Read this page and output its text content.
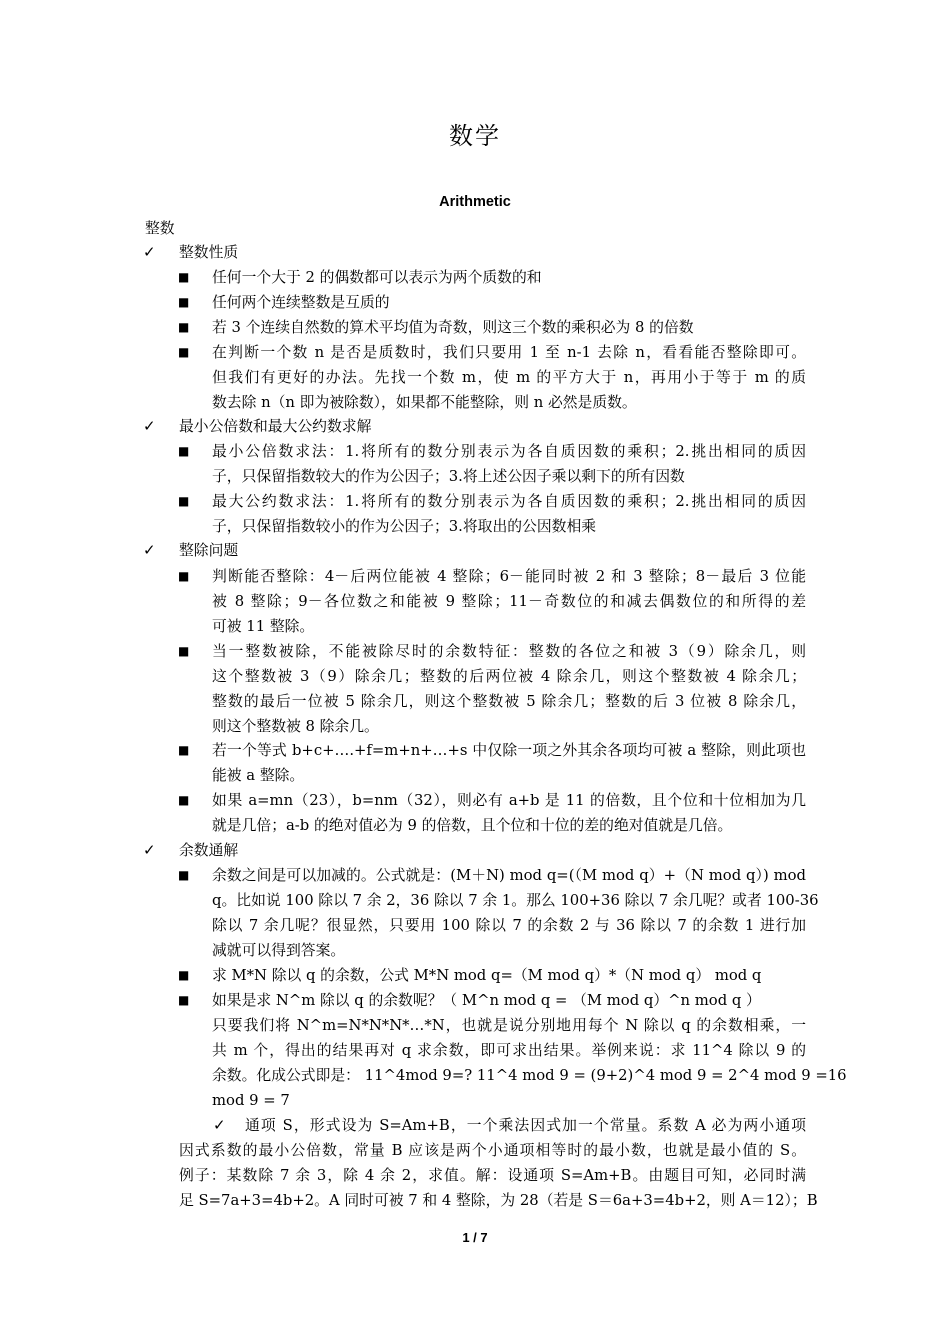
数学
Arithmetic
整数
✓ 整数性质
■ 任何一个大于 2 的偶数都可以表示为两个质数的和
■ 任何两个连续整数是互质的
■ 若 3 个连续自然数的算术平均值为奇数，则这三个数的乘积必为 8 的倍数
■ 在判断一个数 n 是否是质数时，我们只要用 1 至 n-1 去除 n，看看能否整除即可。
但我们有更好的办法。先找一个数 m，使 m 的平方大于 n，再用小于等于 m 的质
数去除 n（n 即为被除数），如果都不能整除，则 n 必然是质数。
✓ 最小公倍数和最大公约数求解
■ 最小公倍数求法：1.将所有的数分别表示为各自质因数的乘积；2.挑出相同的质因
子，只保留指数较大的作为公因子；3.将上述公因子乘以剩下的所有因数
■ 最大公约数求法：1.将所有的数分别表示为各自质因数的乘积；2.挑出相同的质因
子，只保留指数较小的作为公因子；3.将取出的公因数相乘
✓ 整除问题
■ 判断能否整除：4－后两位能被 4 整除；6－能同时被 2 和 3 整除；8－最后 3 位能
被 8 整除；9－各位数之和能被 9 整除；11－奇数位的和减去偶数位的和所得的差
可被 11 整除。
■ 当一整数被除，不能被除尽时的余数特征：整数的各位之和被 3（9）除余几，则
这个整数被 3（9）除余几；整数的后两位被 4 除余几，则这个整数被 4 除余几；
整数的最后一位被 5 除余几，则这个整数被 5 除余几；整数的后 3 位被 8 除余几，
则这个整数被 8 除余几。
■ 若一个等式 b+c+….+f=m+n+…+s 中仅除一项之外其余各项均可被 a 整除，则此项也
能被 a 整除。
■ 如果 a=mn（23），b=nm（32），则必有 a+b 是 11 的倍数，且个位和十位相加为几
就是几倍；a-b 的绝对值必为 9 的倍数，且个位和十位的差的绝对值就是几倍。
✓ 余数通解
■ 余数之间是可以加减的。公式就是：(M＋N) mod q=(（M mod q）+（N mod q）) mod
q。比如说 100 除以 7 余 2，36 除以 7 余 1。那么 100+36 除以 7 余几呢？或者 100-36
除以 7 余几呢？很显然，只要用 100 除以 7 的余数 2 与 36 除以 7 的余数 1 进行加
减就可以得到答案。
■ 求 M*N 除以 q 的余数，公式 M*N mod q=（M mod q）*（N mod q） mod q
■ 如果是求 N^m 除以 q 的余数呢？（ M^n mod q = （M mod q）^n mod q ）
只要我们将 N^m=N*N*N*…*N，也就是说分别地用每个 N 除以 q 的余数相乘，一
共 m 个，得出的结果再对 q 求余数，即可求出结果。举例来说：求 11^4 除以 9 的
余数。化成公式即是： 11^4mod 9=? 11^4 mod 9 = (9+2)^4 mod 9 = 2^4 mod 9 =16
mod 9 = 7
✓ 通项 S，形式设为 S=Am+B，一个乘法因式加一个常量。系数 A 必为两小通项
因式系数的最小公倍数，常量 B 应该是两个小通项相等时的最小数，也就是最小值的 S。
例子：某数除 7 余 3，除 4 余 2，求值。解：设通项 S=Am+B。由题目可知，必同时满
足 S=7a+3=4b+2。A 同时可被 7 和 4 整除，为 28（若是 S＝6a+3=4b+2，则 A＝12）；B
1 / 7
